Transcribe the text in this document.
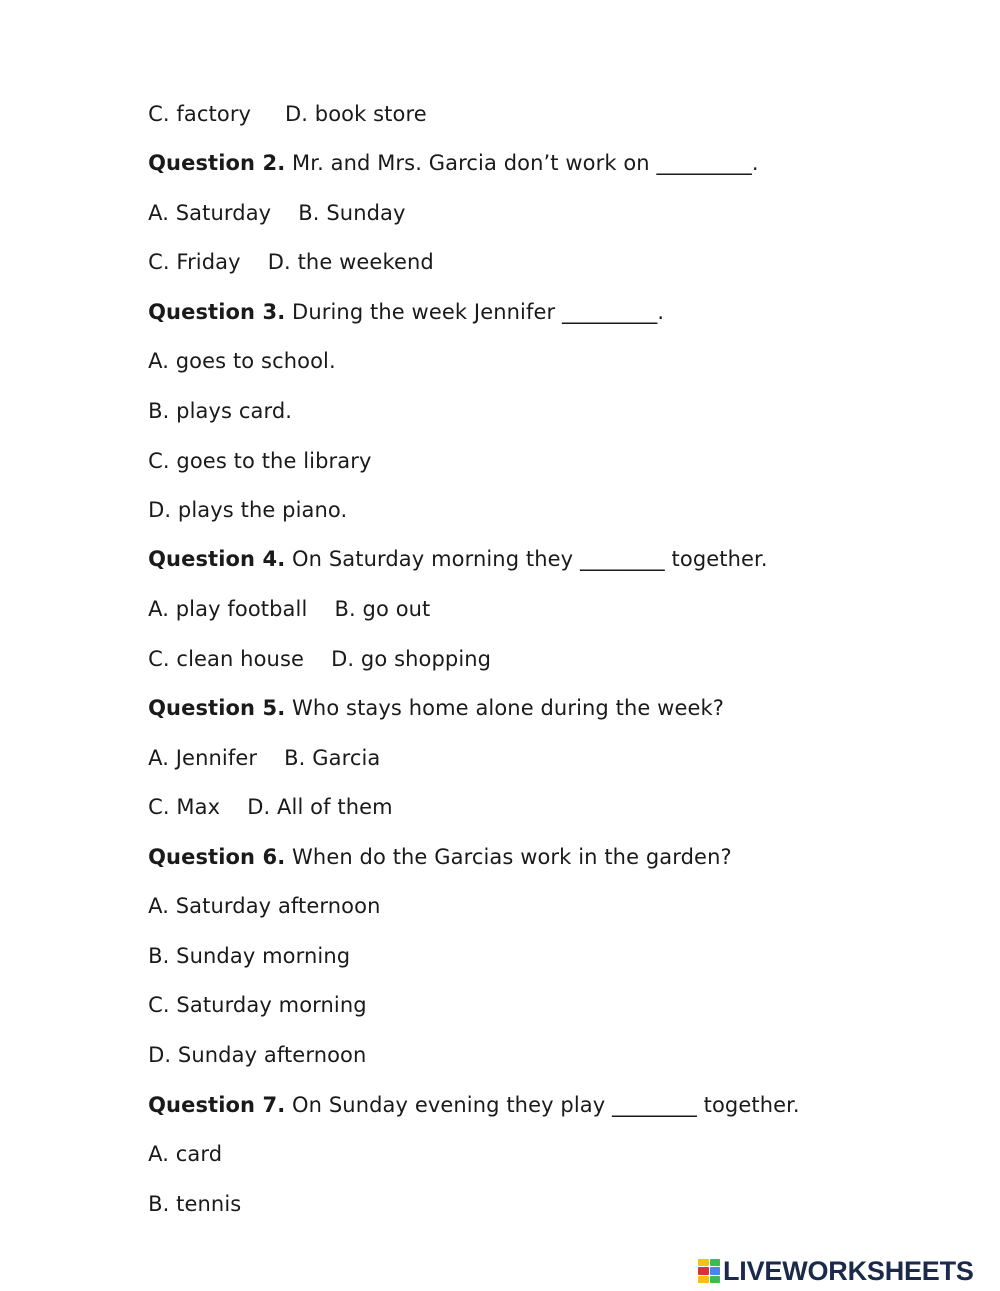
C. factory     D. book store

Question 2. Mr. and Mrs. Garcia don’t work on _________.

A. Saturday    B. Sunday

C. Friday    D. the weekend

Question 3. During the week Jennifer _________.

A. goes to school.

B. plays card.

C. goes to the library

D. plays the piano.

Question 4. On Saturday morning they ________ together.

A. play football    B. go out

C. clean house    D. go shopping

Question 5. Who stays home alone during the week?

A. Jennifer    B. Garcia

C. Max    D. All of them

Question 6. When do the Garcias work in the garden?

A. Saturday afternoon

B. Sunday morning

C. Saturday morning

D. Sunday afternoon

Question 7. On Sunday evening they play ________ together.

A. card

B. tennis

LIVEWORKSHEETS
